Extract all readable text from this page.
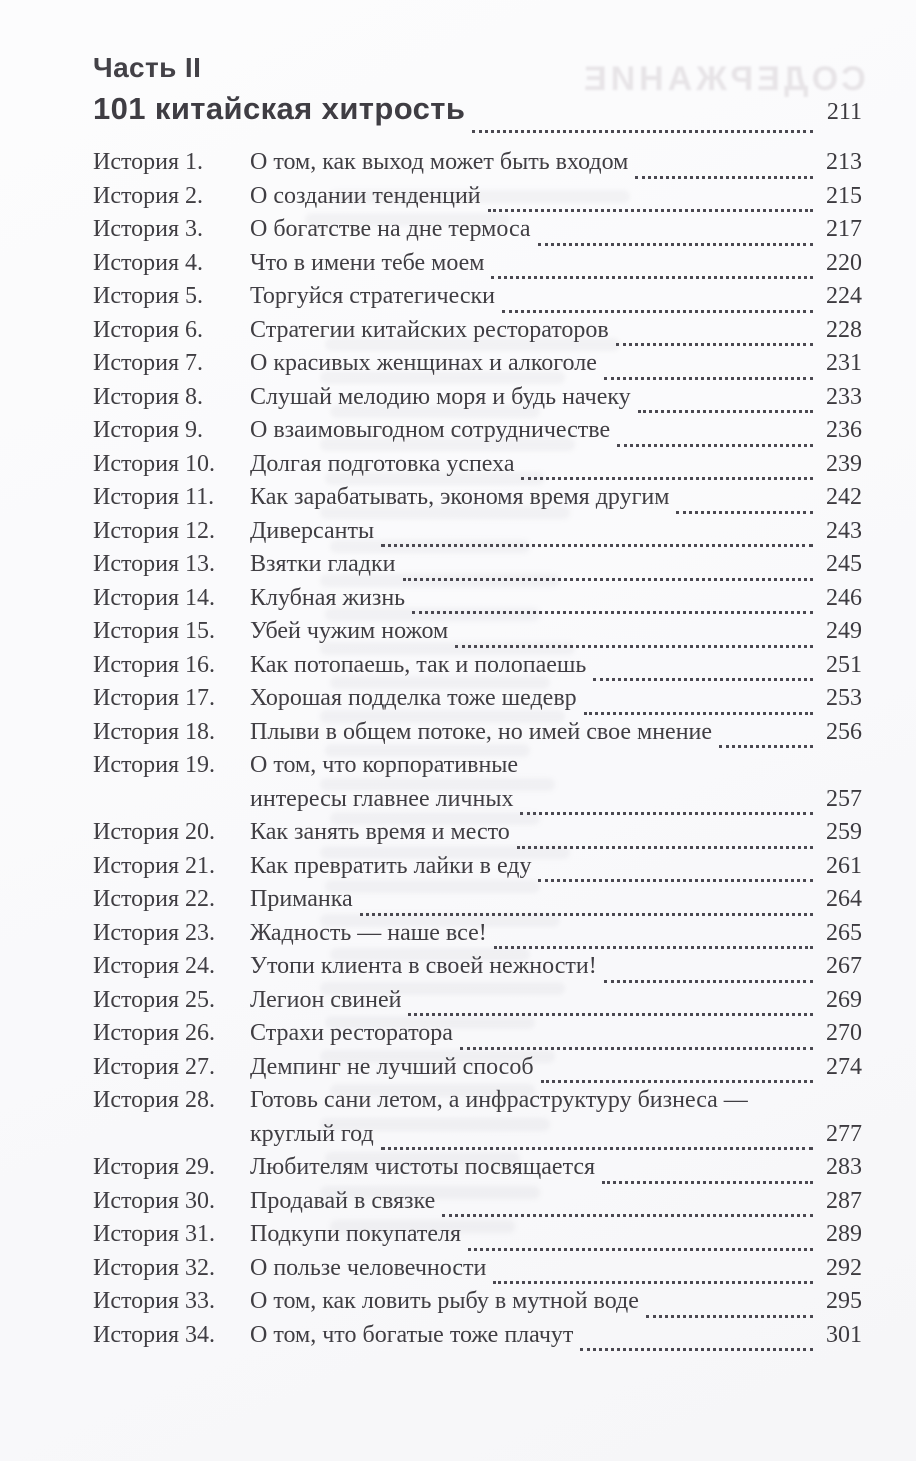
СОДЕРЖАНИЕ
Часть II
101 китайская хитрость	211
История 1.	О том, как выход может быть входом	213
История 2.	О создании тенденций	215
История 3.	О богатстве на дне термоса	217
История 4.	Что в имени тебе моем	220
История 5.	Торгуйся стратегически	224
История 6.	Стратегии китайских рестораторов	228
История 7.	О красивых женщинах и алкоголе	231
История 8.	Слушай мелодию моря и будь начеку	233
История 9.	О взаимовыгодном сотрудничестве	236
История 10.	Долгая подготовка успеха	239
История 11.	Как зарабатывать, экономя время другим	242
История 12.	Диверсанты	243
История 13.	Взятки гладки	245
История 14.	Клубная жизнь	246
История 15.	Убей чужим ножом	249
История 16.	Как потопаешь, так и полопаешь	251
История 17.	Хорошая подделка тоже шедевр	253
История 18.	Плыви в общем потоке, но имей свое мнение	256
История 19.	О том, что корпоративные
интересы главнее личных	257
История 20.	Как занять время и место	259
История 21.	Как превратить лайки в еду	261
История 22.	Приманка	264
История 23.	Жадность — наше все!	265
История 24.	Утопи клиента в своей нежности!	267
История 25.	Легион свиней	269
История 26.	Страхи ресторатора	270
История 27.	Демпинг не лучший способ	274
История 28.	Готовь сани летом, а инфраструктуру бизнеса —
круглый год	277
История 29.	Любителям чистоты посвящается	283
История 30.	Продавай в связке	287
История 31.	Подкупи покупателя	289
История 32.	О пользе человечности	292
История 33.	О том, как ловить рыбу в мутной воде	295
История 34.	О том, что богатые тоже плачут	301
